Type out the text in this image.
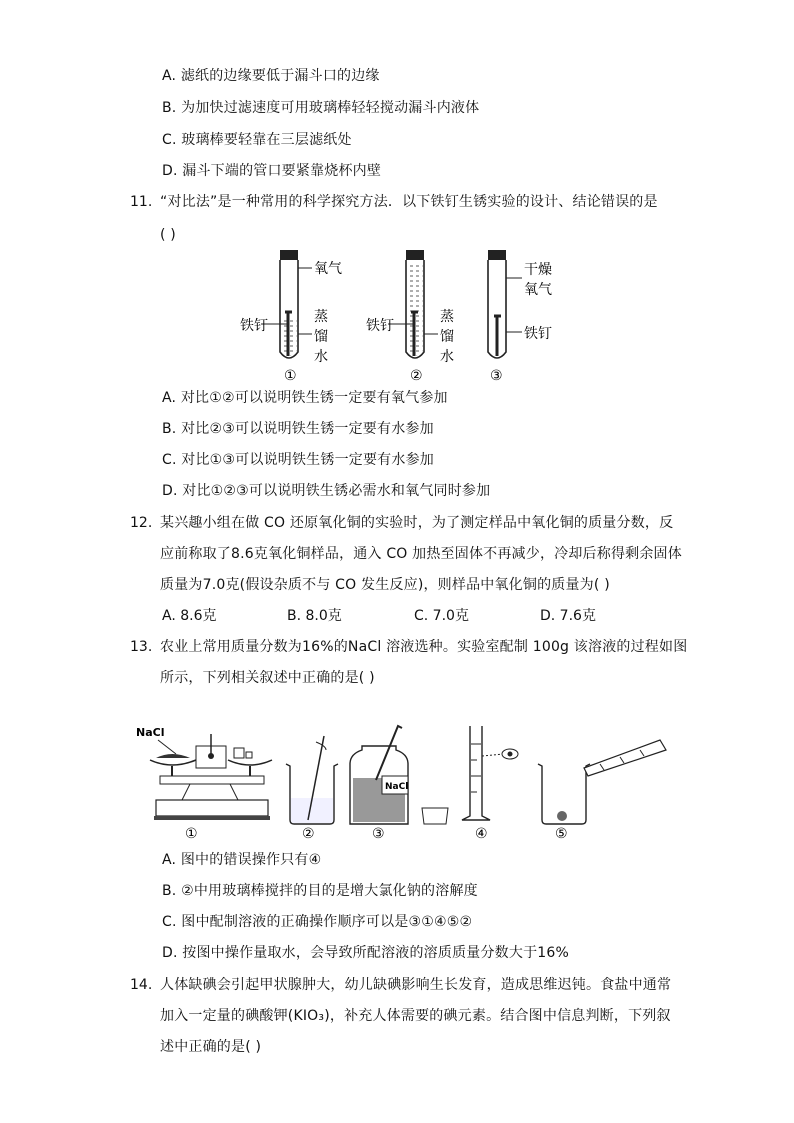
A. 滤纸的边缘要低于漏斗口的边缘
B. 为加快过滤速度可用玻璃棒轻轻搅动漏斗内液体
C. 玻璃棒要轻靠在三层滤纸处
D. 漏斗下端的管口要紧靠烧杯内壁
11. “对比法”是一种常用的科学探究方法．以下铁钉生锈实验的设计、结论错误的是
( )
氧气
铁钉
蒸
馏
水
①
铁钉
蒸
馏
水
②
干燥
氧气
铁钉
③
A. 对比①②可以说明铁生锈一定要有氧气参加
B. 对比②③可以说明铁生锈一定要有水参加
C. 对比①③可以说明铁生锈一定要有水参加
D. 对比①②③可以说明铁生锈必需水和氧气同时参加
12. 某兴趣小组在做 CO 还原氧化铜的实验时，为了测定样品中氧化铜的质量分数，反
应前称取了8.6克氧化铜样品，通入 CO 加热至固体不再减少，冷却后称得剩余固体
质量为7.0克(假设杂质不与 CO 发生反应)，则样品中氧化铜的质量为( )
A. 8.6克	B. 8.0克	C. 7.0克	D. 7.6克
13. 农业上常用质量分数为16%的NaCl 溶液选种。实验室配制 100g 该溶液的过程如图
所示，下列相关叙述中正确的是( )
NaCl
①	②
NaCl
③	④	⑤
A. 图中的错误操作只有④
B. ②中用玻璃棒搅拌的目的是增大氯化钠的溶解度
C. 图中配制溶液的正确操作顺序可以是③①④⑤②
D. 按图中操作量取水，会导致所配溶液的溶质质量分数大于16%
14. 人体缺碘会引起甲状腺肿大，幼儿缺碘影响生长发育，造成思维迟钝。食盐中通常
加入一定量的碘酸钾(KIO₃)，补充人体需要的碘元素。结合图中信息判断，下列叙
述中正确的是( )
